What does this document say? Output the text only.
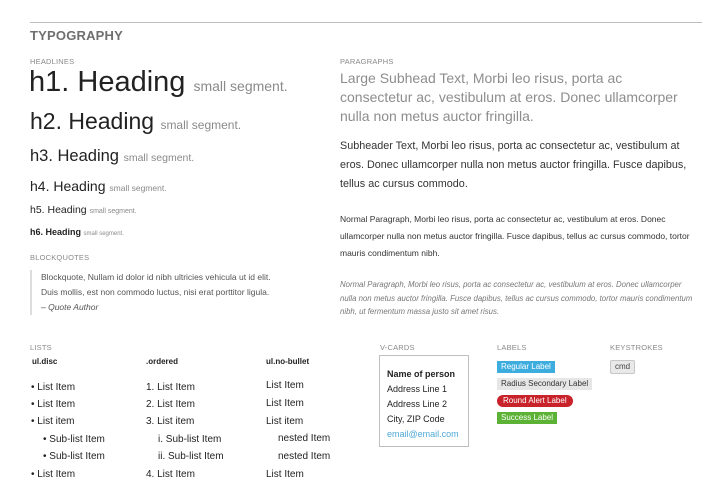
TYPOGRAPHY
HEADLINES
h1. Heading small segment.
h2. Heading small segment.
h3. Heading small segment.
h4. Heading small segment.
h5. Heading small segment.
h6. Heading small segment.
BLOCKQUOTES
Blockquote, Nullam id dolor id nibh ultricies vehicula ut id elit.
Duis mollis, est non commodo luctus, nisi erat porttitor ligula.
– Quote Author
PARAGRAPHS
Large Subhead Text, Morbi leo risus, porta ac consectetur ac, vestibulum at eros. Donec ullamcorper nulla non metus auctor fringilla.
Subheader Text, Morbi leo risus, porta ac consectetur ac, vestibulum at eros. Donec ullamcorper nulla non metus auctor fringilla. Fusce dapibus, tellus ac cursus commodo.
Normal Paragraph, Morbi leo risus, porta ac consectetur ac, vestibulum at eros. Donec ullamcorper nulla non metus auctor fringilla. Fusce dapibus, tellus ac cursus commodo, tortor mauris condimentum nibh.
Normal Paragraph, Morbi leo risus, porta ac consectetur ac, vestibulum at eros. Donec ullamcorper nulla non metus auctor fringilla. Fusce dapibus, tellus ac cursus commodo, tortor mauris condimentum nibh, ut fermentum massa justo sit amet risus.
LISTS
ul.disc
• List Item
• List Item
• List item
• Sub-list Item
• Sub-list Item
• List Item
.ordered
1. List Item
2. List Item
3. List item
i. Sub-list Item
ii. Sub-list Item
4. List Item
ul.no-bullet
List Item
List Item
List item
nested Item
nested Item
List Item
V-CARDS
Name of person
Address Line 1
Address Line 2
City, ZIP Code
email@email.com
LABELS
Regular Label
Radius Secondary Label
Round Alert Label
Success Label
KEYSTROKES
cmd
